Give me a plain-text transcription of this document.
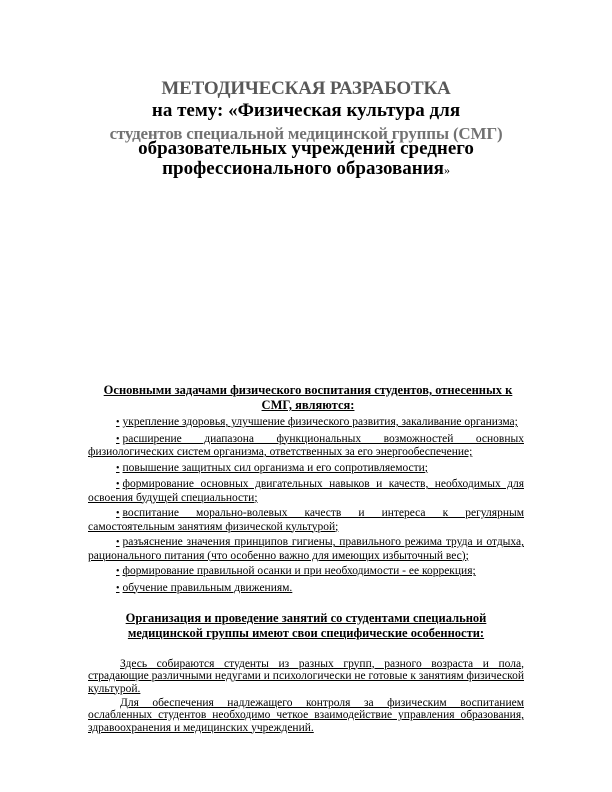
МЕТОДИЧЕСКАЯ РАЗРАБОТКА
на тему: «Физическая культура для
студентов специальной медицинской группы (СМГ)
образовательных учреждений среднего
профессионального образования»
Основными задачами физического воспитания студентов, отнесенных к СМГ, являются:

• укрепление здоровья, улучшение физического развития, закаливание организма;

• расширение диапазона функциональных возможностей основных физиологических систем организма, ответственных за его энергообеспечение;

• повышение защитных сил организма и его сопротивляемости;

• формирование основных двигательных навыков и качеств, необходимых для освоения будущей специальности;

• воспитание морально-волевых качеств и интереса к регулярным самостоятельным занятиям физической культурой;

• разъяснение значения принципов гигиены, правильного режима труда и отдыха, рационального питания (что особенно важно для имеющих избыточный вес);

• формирование правильной осанки и при необходимости - ее коррекция;

• обучение правильным движениям.

Организация и проведение занятий со студентами специальной медицинской группы имеют свои специфические особенности:

Здесь собираются студенты из разных групп, разного возраста и пола, страдающие различными недугами и психологически не готовые к занятиям физической культурой.

Для обеспечения надлежащего контроля за физическим воспитанием ослабленных студентов необходимо четкое взаимодействие управления образования, здравоохранения и медицинских учреждений.
